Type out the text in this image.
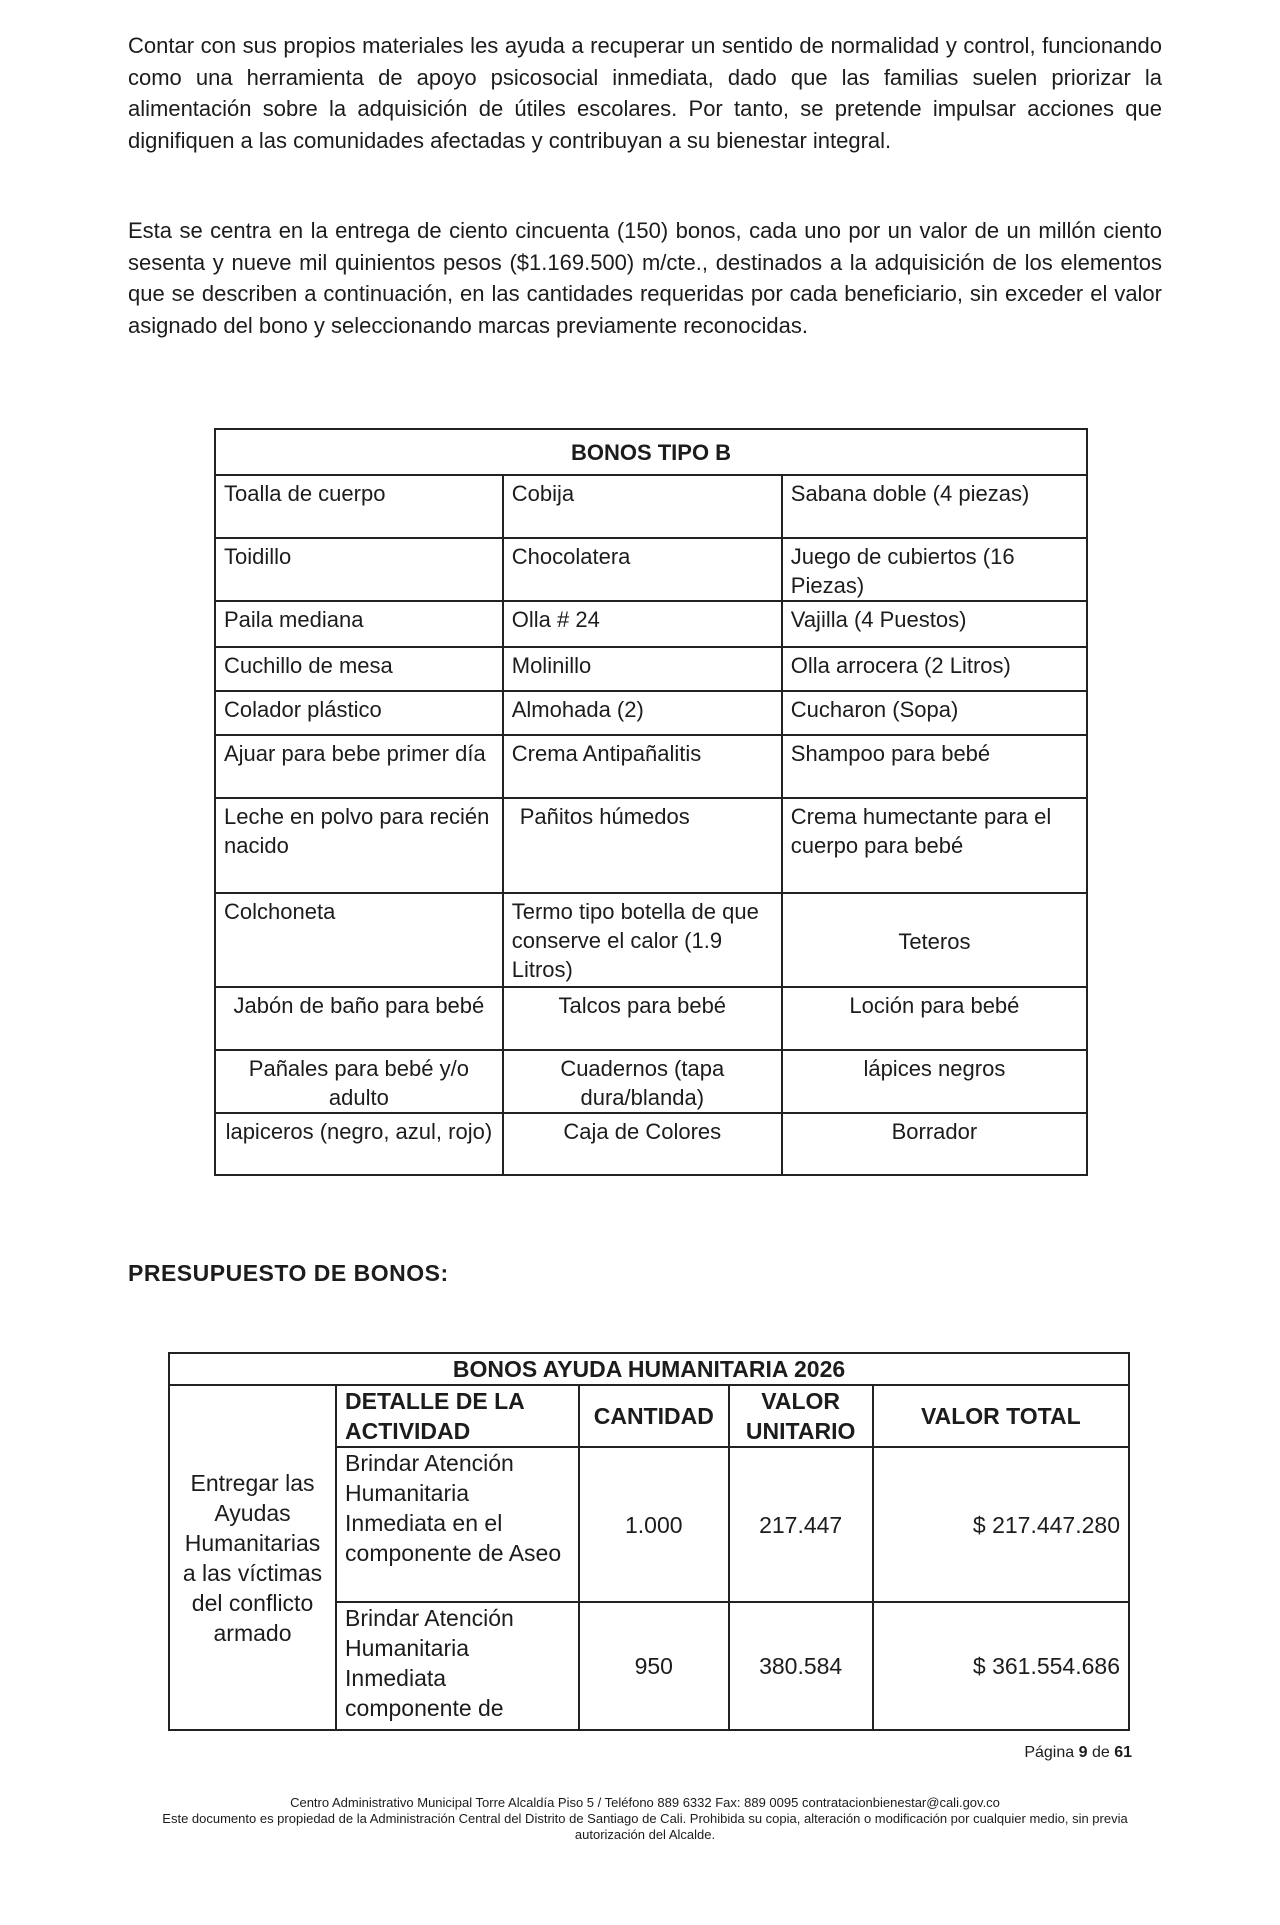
Contar con sus propios materiales les ayuda a recuperar un sentido de normalidad y control, funcionando como una herramienta de apoyo psicosocial inmediata, dado que las familias suelen priorizar la alimentación sobre la adquisición de útiles escolares. Por tanto, se pretende impulsar acciones que dignifiquen a las comunidades afectadas y contribuyan a su bienestar integral.

Esta se centra en la entrega de ciento cincuenta (150) bonos, cada uno por un valor de un millón ciento sesenta y nueve mil quinientos pesos ($1.169.500) m/cte., destinados a la adquisición de los elementos que se describen a continuación, en las cantidades requeridas por cada beneficiario, sin exceder el valor asignado del bono y seleccionando marcas previamente reconocidas.

BONOS TIPO B		
Toalla de cuerpo	Cobija	Sabana doble (4 piezas)
Toidillo	Chocolatera	Juego de cubiertos (16 Piezas)
Paila mediana	Olla # 24	Vajilla (4 Puestos)
Cuchillo de mesa	Molinillo	Olla arrocera (2 Litros)
Colador plástico	Almohada (2)	Cucharon (Sopa)
Ajuar para bebe primer día	Crema Antipañalitis	Shampoo para bebé
Leche en polvo para recién nacido	Pañitos húmedos	Crema humectante para el cuerpo para bebé
Colchoneta	Termo tipo botella de que conserve el calor (1.9 Litros)	Teteros
Jabón de baño para bebé	Talcos para bebé	Loción para bebé
Pañales para bebé y/o adulto	Cuadernos (tapa dura/blanda)	lápices negros
lapiceros (negro, azul, rojo)	Caja de Colores	Borrador

PRESUPUESTO DE BONOS:

BONOS AYUDA HUMANITARIA 2026				
Entregar las Ayudas Humanitarias a las víctimas del conflicto armado	DETALLE DE LA ACTIVIDAD	CANTIDAD	VALOR UNITARIO	VALOR TOTAL
	Brindar Atención Humanitaria Inmediata en el componente de Aseo	1.000	217.447	$ 217.447.280
	Brindar Atención Humanitaria Inmediata componente de	950	380.584	$ 361.554.686

Página 9 de 61

Centro Administrativo Municipal Torre Alcaldía Piso 5 / Teléfono 889 6332 Fax: 889 0095 contratacionbienestar@cali.gov.co
Este documento es propiedad de la Administración Central del Distrito de Santiago de Cali. Prohibida su copia, alteración o modificación por cualquier medio, sin previa autorización del Alcalde.
